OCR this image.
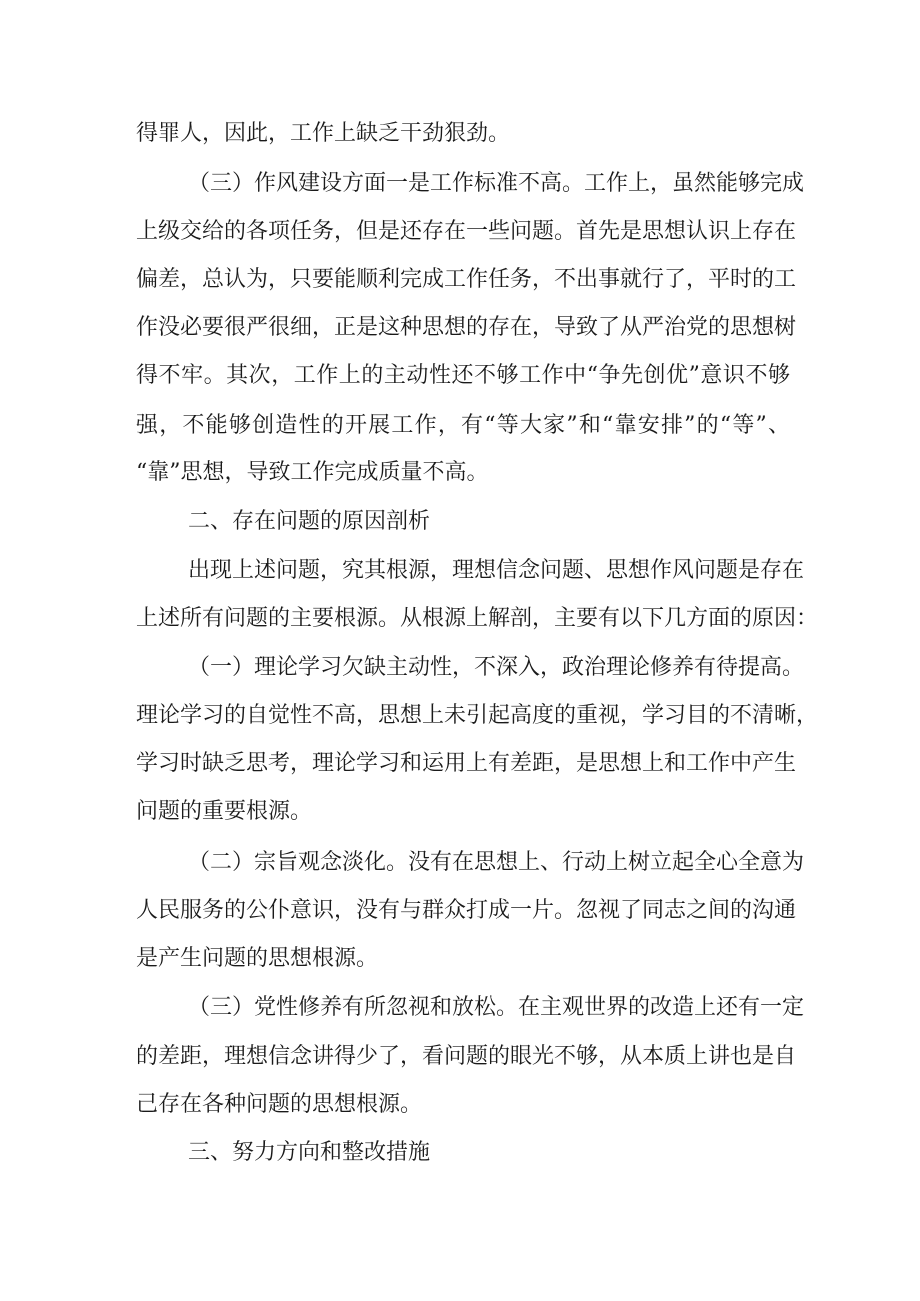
得罪人，因此，工作上缺乏干劲狠劲。
（三）作风建设方面一是工作标准不高。工作上，虽然能够完成
上级交给的各项任务，但是还存在一些问题。首先是思想认识上存在
偏差，总认为，只要能顺利完成工作任务，不出事就行了，平时的工
作没必要很严很细，正是这种思想的存在，导致了从严治党的思想树
得不牢。其次，工作上的主动性还不够工作中“争先创优”意识不够
强，不能够创造性的开展工作，有“等大家”和“靠安排”的“等”、
“靠”思想，导致工作完成质量不高。
二、存在问题的原因剖析
出现上述问题，究其根源，理想信念问题、思想作风问题是存在
上述所有问题的主要根源。从根源上解剖，主要有以下几方面的原因：
（一）理论学习欠缺主动性，不深入，政治理论修养有待提高。
理论学习的自觉性不高，思想上未引起高度的重视，学习目的不清晰，
学习时缺乏思考，理论学习和运用上有差距，是思想上和工作中产生
问题的重要根源。
（二）宗旨观念淡化。没有在思想上、行动上树立起全心全意为
人民服务的公仆意识，没有与群众打成一片。忽视了同志之间的沟通
是产生问题的思想根源。
（三）党性修养有所忽视和放松。在主观世界的改造上还有一定
的差距，理想信念讲得少了，看问题的眼光不够，从本质上讲也是自
己存在各种问题的思想根源。
三、努力方向和整改措施
